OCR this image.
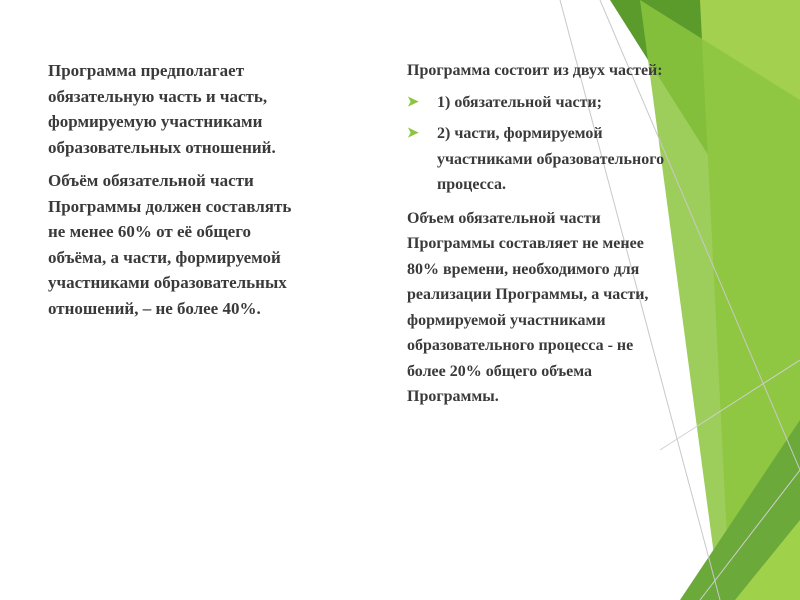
Программа предполагает обязательную часть и часть, формируемую участниками образовательных отношений.

Объём обязательной части Программы должен составлять не менее 60% от её общего объёма, а части, формируемой участниками образовательных отношений, – не более 40%.

Программа состоит из двух частей:

➤ 1) обязательной части;
➤ 2) части, формируемой участниками образовательного процесса.

Объем обязательной части Программы составляет не менее 80% времени, необходимого для реализации Программы, а части, формируемой участниками образовательного процесса - не более 20% общего объема Программы.
